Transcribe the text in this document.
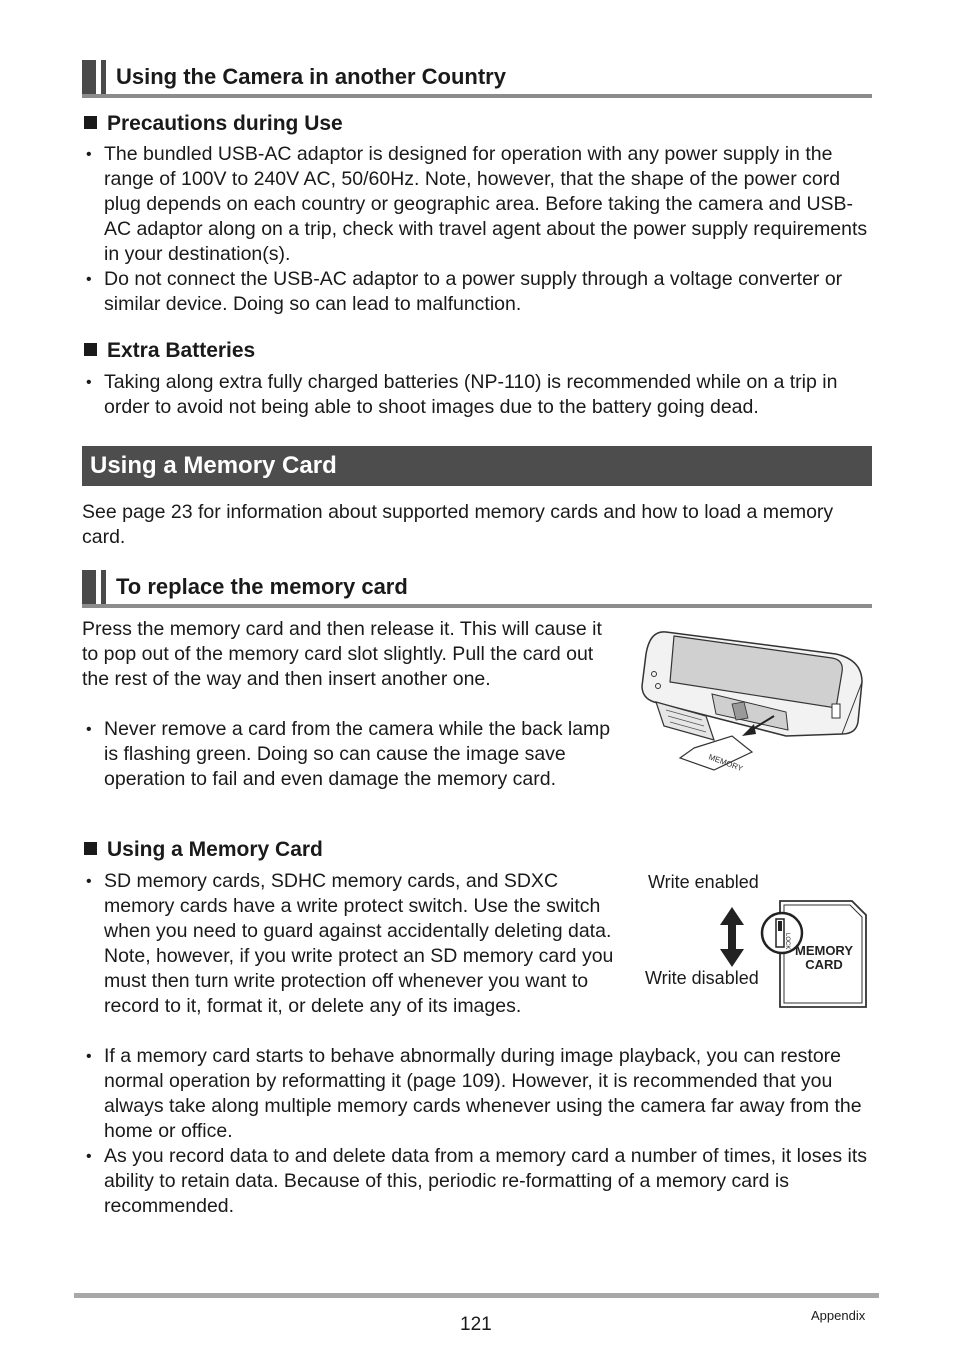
Using the Camera in another Country
Precautions during Use
• The bundled USB-AC adaptor is designed for operation with any power supply in the range of 100V to 240V AC, 50/60Hz. Note, however, that the shape of the power cord plug depends on each country or geographic area. Before taking the camera and USB-AC adaptor along on a trip, check with travel agent about the power supply requirements in your destination(s).
• Do not connect the USB-AC adaptor to a power supply through a voltage converter or similar device. Doing so can lead to malfunction.
Extra Batteries
• Taking along extra fully charged batteries (NP-110) is recommended while on a trip in order to avoid not being able to shoot images due to the battery going dead.
Using a Memory Card
See page 23 for information about supported memory cards and how to load a memory card.
To replace the memory card
Press the memory card and then release it. This will cause it to pop out of the memory card slot slightly. Pull the card out the rest of the way and then insert another one.
• Never remove a card from the camera while the back lamp is flashing green. Doing so can cause the image save operation to fail and even damage the memory card.
MEMORY
Using a Memory Card
• SD memory cards, SDHC memory cards, and SDXC memory cards have a write protect switch. Use the switch when you need to guard against accidentally deleting data. Note, however, if you write protect an SD memory card you must then turn write protection off whenever you want to record to it, format it, or delete any of its images.
• If a memory card starts to behave abnormally during image playback, you can restore normal operation by reformatting it (page 109). However, it is recommended that you always take along multiple memory cards whenever using the camera far away from the home or office.
• As you record data to and delete data from a memory card a number of times, it loses its ability to retain data. Because of this, periodic re-formatting of a memory card is recommended.
Write enabled
Write disabled
LOCK
MEMORY
CARD
121	Appendix
